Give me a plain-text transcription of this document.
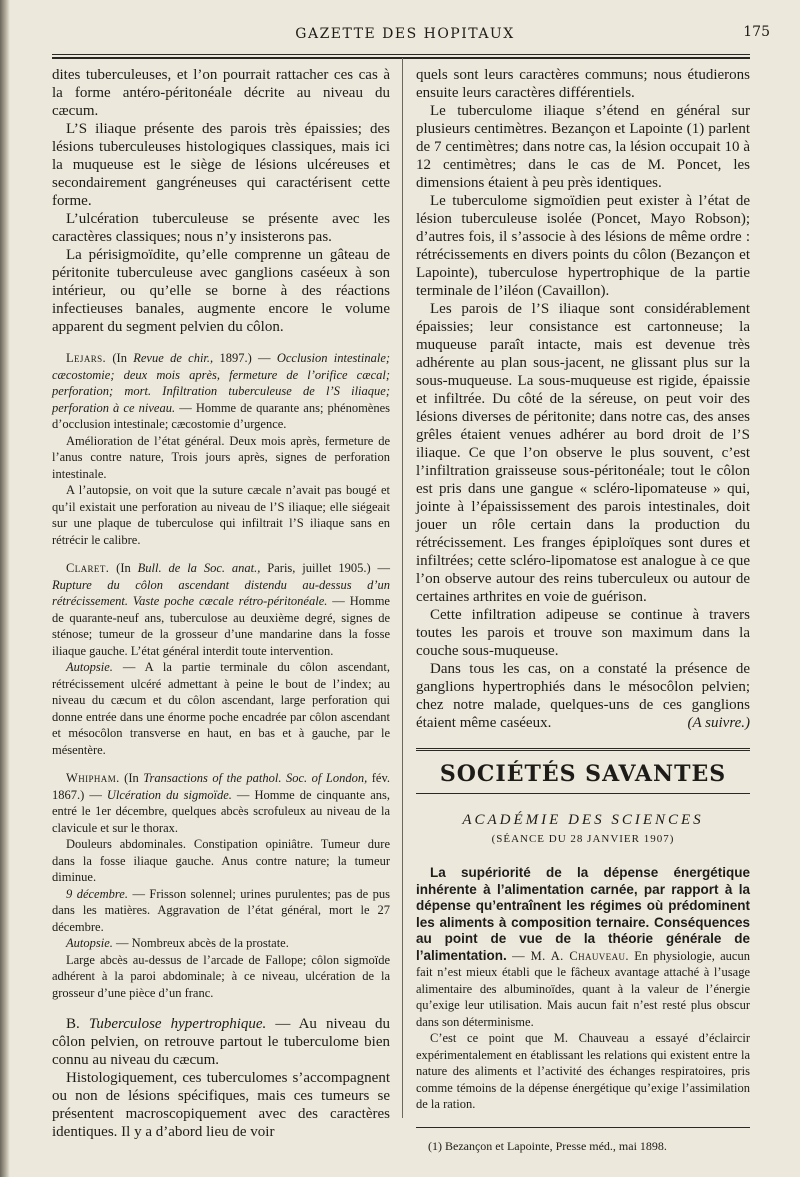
GAZETTE DES HOPITAUX	175

dites tuberculeuses, et l’on pourrait rattacher ces cas à la forme antéro-péritonéale décrite au niveau du cæcum.

L’S iliaque présente des parois très épaissies; des lésions tuberculeuses histologiques classiques, mais ici la muqueuse est le siège de lésions ulcéreuses et secondairement gangréneuses qui caractérisent cette forme.

L’ulcération tuberculeuse se présente avec les caractères classiques; nous n’y insisterons pas.

La périsigmoïdite, qu’elle comprenne un gâteau de péritonite tuberculeuse avec ganglions caséeux à son intérieur, ou qu’elle se borne à des réactions infectieuses banales, augmente encore le volume apparent du segment pelvien du côlon.

Lejars. (In Revue de chir., 1897.) — Occlusion intestinale; cæcostomie; deux mois après, fermeture de l’orifice cæcal; perforation; mort. Infiltration tuberculeuse de l’S iliaque; perforation à ce niveau. — Homme de quarante ans; phénomènes d’occlusion intestinale; cæcostomie d’urgence.

Amélioration de l’état général. Deux mois après, fermeture de l’anus contre nature, Trois jours après, signes de perforation intestinale.

A l’autopsie, on voit que la suture cæcale n’avait pas bougé et qu’il existait une perforation au niveau de l’S iliaque; elle siégeait sur une plaque de tuberculose qui infiltrait l’S iliaque sans en rétrécir le calibre.

Claret. (In Bull. de la Soc. anat., Paris, juillet 1905.) — Rupture du côlon ascendant distendu au-dessus d’un rétrécissement. Vaste poche cæcale rétro-péritonéale. — Homme de quarante-neuf ans, tuberculose au deuxième degré, signes de sténose; tumeur de la grosseur d’une mandarine dans la fosse iliaque gauche. L’état général interdit toute intervention.

Autopsie. — A la partie terminale du côlon ascendant, rétrécissement ulcéré admettant à peine le bout de l’index; au niveau du cæcum et du côlon ascendant, large perforation qui donne entrée dans une énorme poche encadrée par côlon ascendant et mésocôlon transverse en haut, en bas et à gauche, par le mésentère.

Whipham. (In Transactions of the pathol. Soc. of London, fév. 1867.) — Ulcération du sigmoïde. — Homme de cinquante ans, entré le 1er décembre, quelques abcès scrofuleux au niveau de la clavicule et sur le thorax.

Douleurs abdominales. Constipation opiniâtre. Tumeur dure dans la fosse iliaque gauche. Anus contre nature; la tumeur diminue.

9 décembre. — Frisson solennel; urines purulentes; pas de pus dans les matières. Aggravation de l’état général, mort le 27 décembre.

Autopsie. — Nombreux abcès de la prostate.

Large abcès au-dessus de l’arcade de Fallope; côlon sigmoïde adhérent à la paroi abdominale; à ce niveau, ulcération de la grosseur d’une pièce d’un franc.

B. Tuberculose hypertrophique. — Au niveau du côlon pelvien, on retrouve partout le tuberculome bien connu au niveau du cæcum.

Histologiquement, ces tuberculomes s’accompagnent ou non de lésions spécifiques, mais ces tumeurs se présentent macroscopiquement avec des caractères identiques. Il y a d’abord lieu de voir

quels sont leurs caractères communs; nous étudierons ensuite leurs caractères différentiels.

Le tuberculome iliaque s’étend en général sur plusieurs centimètres. Bezançon et Lapointe (1) parlent de 7 centimètres; dans notre cas, la lésion occupait 10 à 12 centimètres; dans le cas de M. Poncet, les dimensions étaient à peu près identiques.

Le tuberculome sigmoïdien peut exister à l’état de lésion tuberculeuse isolée (Poncet, Mayo Robson); d’autres fois, il s’associe à des lésions de même ordre : rétrécissements en divers points du côlon (Bezançon et Lapointe), tuberculose hypertrophique de la partie terminale de l’iléon (Cavaillon).

Les parois de l’S iliaque sont considérablement épaissies; leur consistance est cartonneuse; la muqueuse paraît intacte, mais est devenue très adhérente au plan sous-jacent, ne glissant plus sur la sous-muqueuse. La sous-muqueuse est rigide, épaissie et infiltrée. Du côté de la séreuse, on peut voir des lésions diverses de péritonite; dans notre cas, des anses grêles étaient venues adhérer au bord droit de l’S iliaque. Ce que l’on observe le plus souvent, c’est l’infiltration graisseuse sous-péritonéale; tout le côlon est pris dans une gangue « scléro-lipomateuse » qui, jointe à l’épaississement des parois intestinales, doit jouer un rôle certain dans la production du rétrécissement. Les franges épiploïques sont dures et infiltrées; cette scléro-lipomatose est analogue à ce que l’on observe autour des reins tuberculeux ou autour de certaines arthrites en voie de guérison.

Cette infiltration adipeuse se continue à travers toutes les parois et trouve son maximum dans la couche sous-muqueuse.

Dans tous les cas, on a constaté la présence de ganglions hypertrophiés dans le mésocôlon pelvien; chez notre malade, quelques-uns de ces ganglions étaient même caséeux.	(A suivre.)

SOCIÉTÉS SAVANTES
ACADÉMIE DES SCIENCES
(SÉANCE DU 28 JANVIER 1907)

La supériorité de la dépense énergétique inhérente à l’alimentation carnée, par rapport à la dépense qu’entraînent les régimes où prédominent les aliments à composition ternaire. Conséquences au point de vue de la théorie générale de l’alimentation. — M. A. Chauveau. En physiologie, aucun fait n’est mieux établi que le fâcheux avantage attaché à l’usage alimentaire des albuminoïdes, quant à la valeur de l’énergie qu’exige leur utilisation. Mais aucun fait n’est resté plus obscur dans son déterminisme.

C’est ce point que M. Chauveau a essayé d’éclaircir expérimentalement en établissant les relations qui existent entre la nature des aliments et l’activité des échanges respiratoires, pris comme témoins de la dépense énergétique qu’exige l’assimilation de la ration.

(1) Bezançon et Lapointe, Presse méd., mai 1898.
